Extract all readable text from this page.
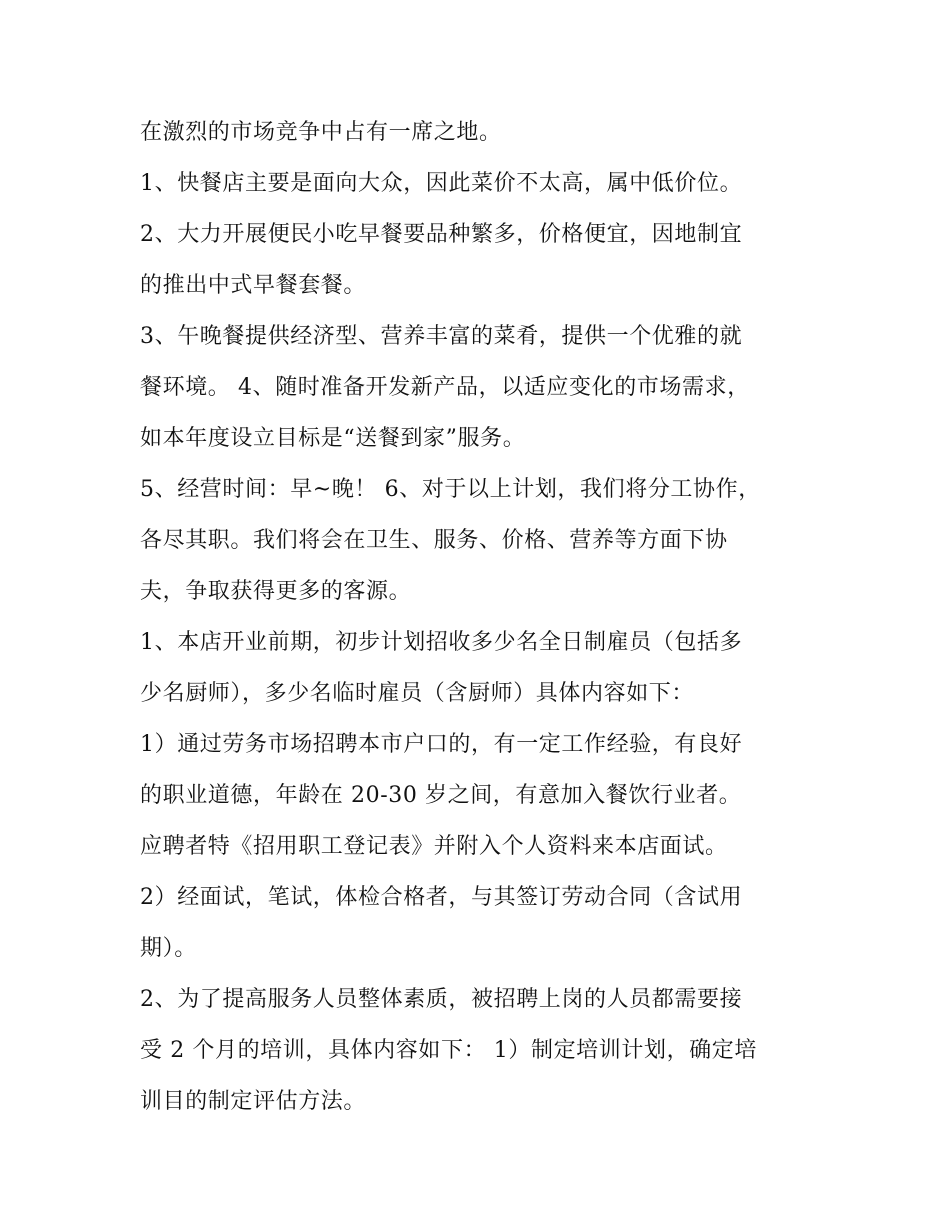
在激烈的市场竞争中占有一席之地。
1、快餐店主要是面向大众，因此菜价不太高，属中低价位。
2、大力开展便民小吃早餐要品种繁多，价格便宜，因地制宜
的推出中式早餐套餐。
3、午晚餐提供经济型、营养丰富的菜肴，提供一个优雅的就
餐环境。 4、随时准备开发新产品，以适应变化的市场需求，
如本年度设立目标是“送餐到家”服务。
5、经营时间：早~晚！ 6、对于以上计划，我们将分工协作，
各尽其职。我们将会在卫生、服务、价格、营养等方面下协
夫，争取获得更多的客源。
1、本店开业前期，初步计划招收多少名全日制雇员（包括多
少名厨师），多少名临时雇员（含厨师）具体内容如下：
1）通过劳务市场招聘本市户口的，有一定工作经验，有良好
的职业道德，年龄在 20-30 岁之间，有意加入餐饮行业者。
应聘者特《招用职工登记表》并附入个人资料来本店面试。
2）经面试，笔试，体检合格者，与其签订劳动合同（含试用
期）。
2、为了提高服务人员整体素质，被招聘上岗的人员都需要接
受 2 个月的培训，具体内容如下： 1）制定培训计划，确定培
训目的制定评估方法。
